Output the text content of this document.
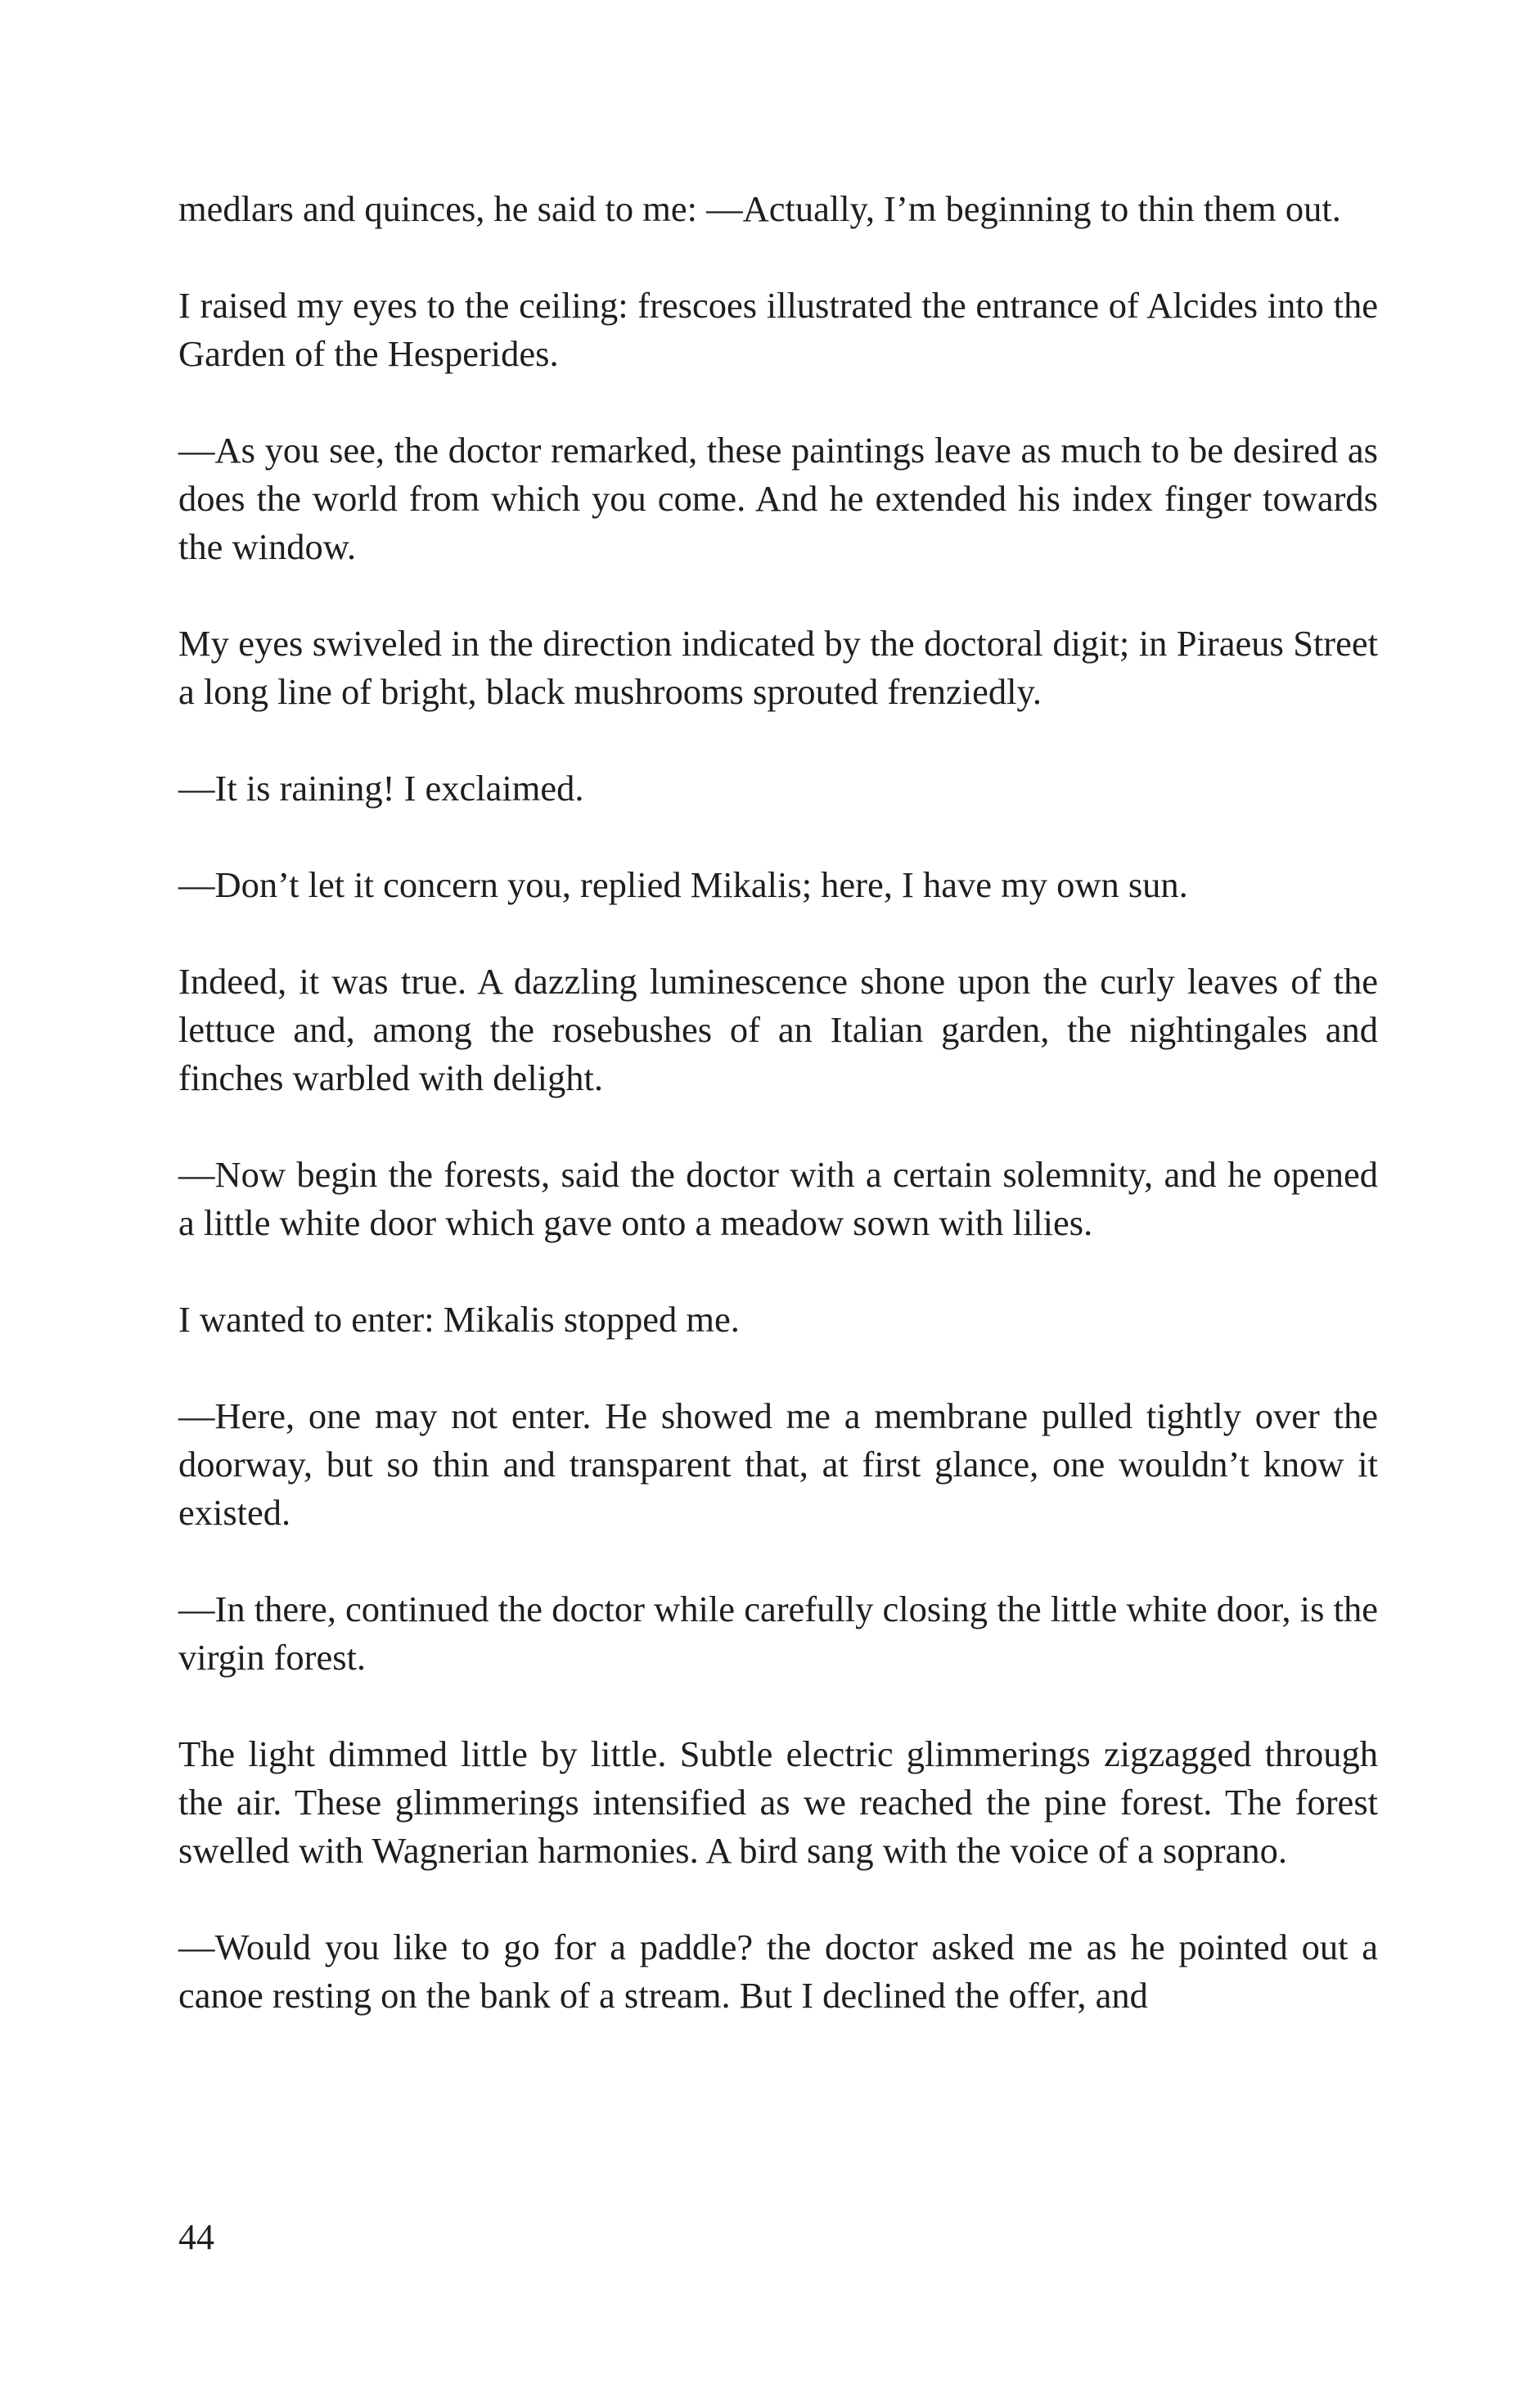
medlars and quinces, he said to me: —Actually, I’m beginning to thin them out.

I raised my eyes to the ceiling: frescoes illustrated the entrance of Alcides into the Garden of the Hesperides.

—As you see, the doctor remarked, these paintings leave as much to be desired as does the world from which you come. And he extended his index finger towards the window.

My eyes swiveled in the direction indicated by the doctoral digit; in Piraeus Street a long line of bright, black mushrooms sprouted frenziedly.

—It is raining! I exclaimed.

—Don’t let it concern you, replied Mikalis; here, I have my own sun.

Indeed, it was true. A dazzling luminescence shone upon the curly leaves of the lettuce and, among the rosebushes of an Italian garden, the nightingales and finches warbled with delight.

—Now begin the forests, said the doctor with a certain solemnity, and he opened a little white door which gave onto a meadow sown with lilies.

I wanted to enter: Mikalis stopped me.

—Here, one may not enter. He showed me a membrane pulled tightly over the doorway, but so thin and transparent that, at first glance, one wouldn’t know it existed.

—In there, continued the doctor while carefully closing the little white door, is the virgin forest.

The light dimmed little by little. Subtle electric glimmerings zigzagged through the air. These glimmerings intensified as we reached the pine forest. The forest swelled with Wagnerian harmonies. A bird sang with the voice of a soprano.

—Would you like to go for a paddle? the doctor asked me as he pointed out a canoe resting on the bank of a stream. But I declined the offer, and

44
